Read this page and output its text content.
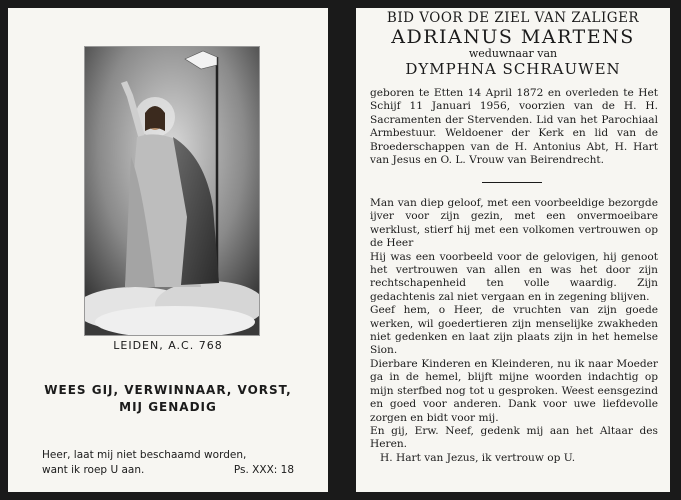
LEIDEN, A.C. 768
WEES GIJ, VERWINNAAR, VORST,
MIJ GENADIG
Heer, laat mij niet beschaamd worden,
want ik roep U aan.	Ps. XXX: 18
BID VOOR DE ZIEL VAN ZALIGER
ADRIANUS MARTENS
weduwnaar van
DYMPHNA SCHRAUWEN

geboren te Etten 14 April 1872 en overleden te Het Schijf 11 Januari 1956, voorzien van de H. H. Sacramenten der Stervenden. Lid van het Parochiaal Armbestuur. Weldoener der Kerk en lid van de Broederschappen van de H. Antonius Abt, H. Hart van Jesus en O. L. Vrouw van Beirendrecht.

Man van diep geloof, met een voorbeeldige bezorgde ijver voor zijn gezin, met een onvermoeibare werklust, stierf hij met een volkomen vertrouwen op de Heer

Hij was een voorbeeld voor de gelovigen, hij genoot het vertrouwen van allen en was het door zijn rechtschapenheid ten volle waardig. Zijn gedachtenis zal niet vergaan en in zegening blijven.

Geef hem, o Heer, de vruchten van zijn goede werken, wil goedertieren zijn menselijke zwakheden niet gedenken en laat zijn plaats zijn in het hemelse Sion.

Dierbare Kinderen en Kleinderen, nu ik naar Moeder ga in de hemel, blijft mijne woorden indachtig op mijn sterfbed nog tot u gesproken. Weest eensgezind en goed voor anderen. Dank voor uwe liefdevolle zorgen en bidt voor mij.

En gij, Erw. Neef, gedenk mij aan het Altaar des Heren.

H. Hart van Jezus, ik vertrouw op U.
